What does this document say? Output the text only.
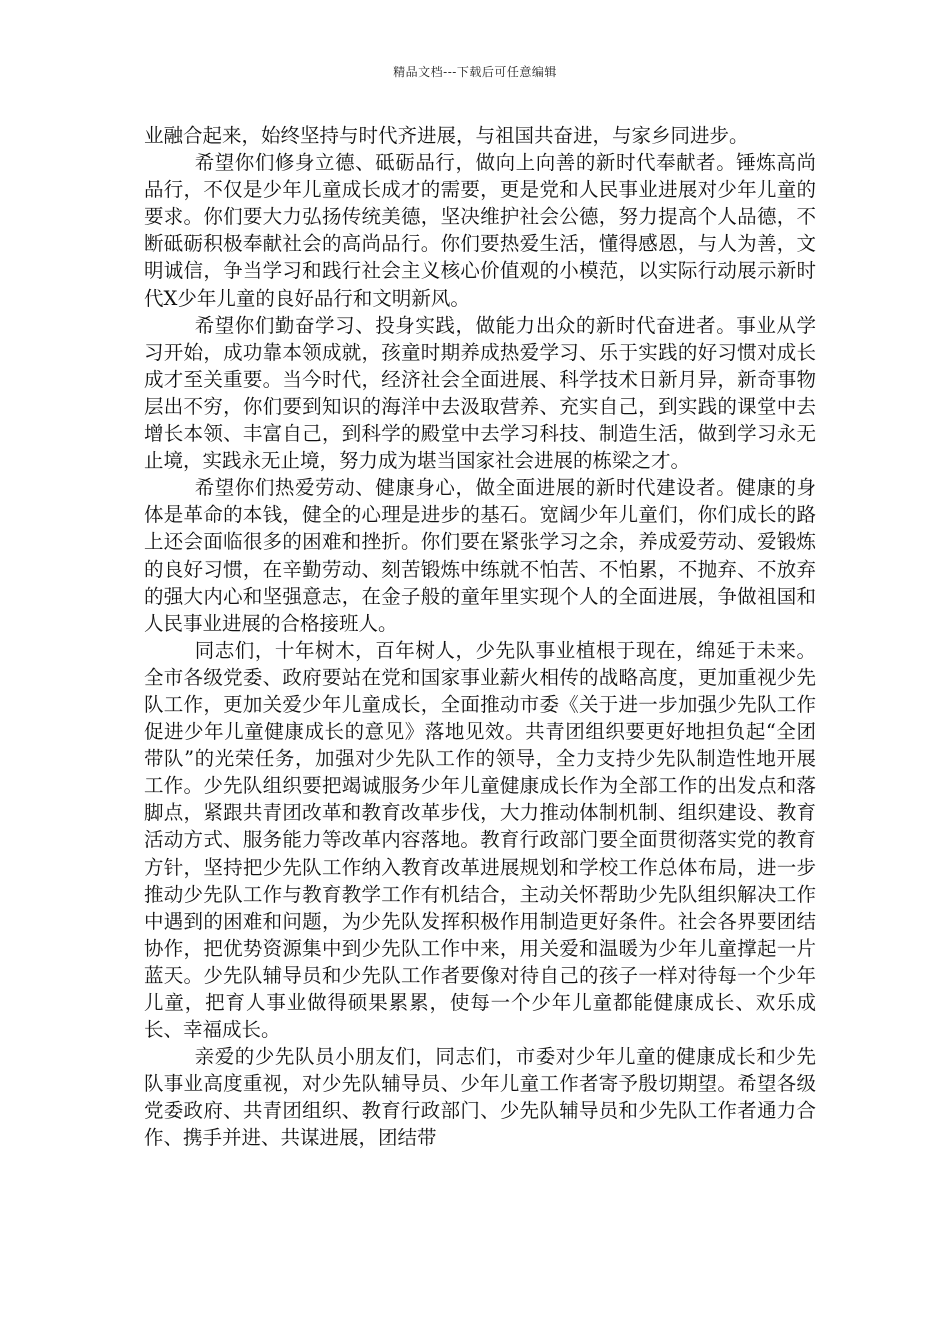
精品文档---下载后可任意编辑

业融合起来，始终坚持与时代齐进展，与祖国共奋进，与家乡同进步。

希望你们修身立德、砥砺品行，做向上向善的新时代奉献者。锤炼高尚品行，不仅是少年儿童成长成才的需要，更是党和人民事业进展对少年儿童的要求。你们要大力弘扬传统美德，坚决维护社会公德，努力提高个人品德，不断砥砺积极奉献社会的高尚品行。你们要热爱生活，懂得感恩，与人为善，文明诚信，争当学习和践行社会主义核心价值观的小模范，以实际行动展示新时代X少年儿童的良好品行和文明新风。

希望你们勤奋学习、投身实践，做能力出众的新时代奋进者。事业从学习开始，成功靠本领成就，孩童时期养成热爱学习、乐于实践的好习惯对成长成才至关重要。当今时代，经济社会全面进展、科学技术日新月异，新奇事物层出不穷，你们要到知识的海洋中去汲取营养、充实自己，到实践的课堂中去增长本领、丰富自己，到科学的殿堂中去学习科技、制造生活，做到学习永无止境，实践永无止境，努力成为堪当国家社会进展的栋梁之才。

希望你们热爱劳动、健康身心，做全面进展的新时代建设者。健康的身体是革命的本钱，健全的心理是进步的基石。宽阔少年儿童们，你们成长的路上还会面临很多的困难和挫折。你们要在紧张学习之余，养成爱劳动、爱锻炼的良好习惯，在辛勤劳动、刻苦锻炼中练就不怕苦、不怕累，不抛弃、不放弃的强大内心和坚强意志，在金子般的童年里实现个人的全面进展，争做祖国和人民事业进展的合格接班人。

同志们，十年树木，百年树人，少先队事业植根于现在，绵延于未来。全市各级党委、政府要站在党和国家事业薪火相传的战略高度，更加重视少先队工作，更加关爱少年儿童成长，全面推动市委《关于进一步加强少先队工作促进少年儿童健康成长的意见》落地见效。共青团组织要更好地担负起“全团带队”的光荣任务，加强对少先队工作的领导，全力支持少先队制造性地开展工作。少先队组织要把竭诚服务少年儿童健康成长作为全部工作的出发点和落脚点，紧跟共青团改革和教育改革步伐，大力推动体制机制、组织建设、教育活动方式、服务能力等改革内容落地。教育行政部门要全面贯彻落实党的教育方针，坚持把少先队工作纳入教育改革进展规划和学校工作总体布局，进一步推动少先队工作与教育教学工作有机结合，主动关怀帮助少先队组织解决工作中遇到的困难和问题，为少先队发挥积极作用制造更好条件。社会各界要团结协作，把优势资源集中到少先队工作中来，用关爱和温暖为少年儿童撑起一片蓝天。少先队辅导员和少先队工作者要像对待自己的孩子一样对待每一个少年儿童，把育人事业做得硕果累累，使每一个少年儿童都能健康成长、欢乐成长、幸福成长。

亲爱的少先队员小朋友们，同志们，市委对少年儿童的健康成长和少先队事业高度重视，对少先队辅导员、少年儿童工作者寄予殷切期望。希望各级党委政府、共青团组织、教育行政部门、少先队辅导员和少先队工作者通力合作、携手并进、共谋进展，团结带
